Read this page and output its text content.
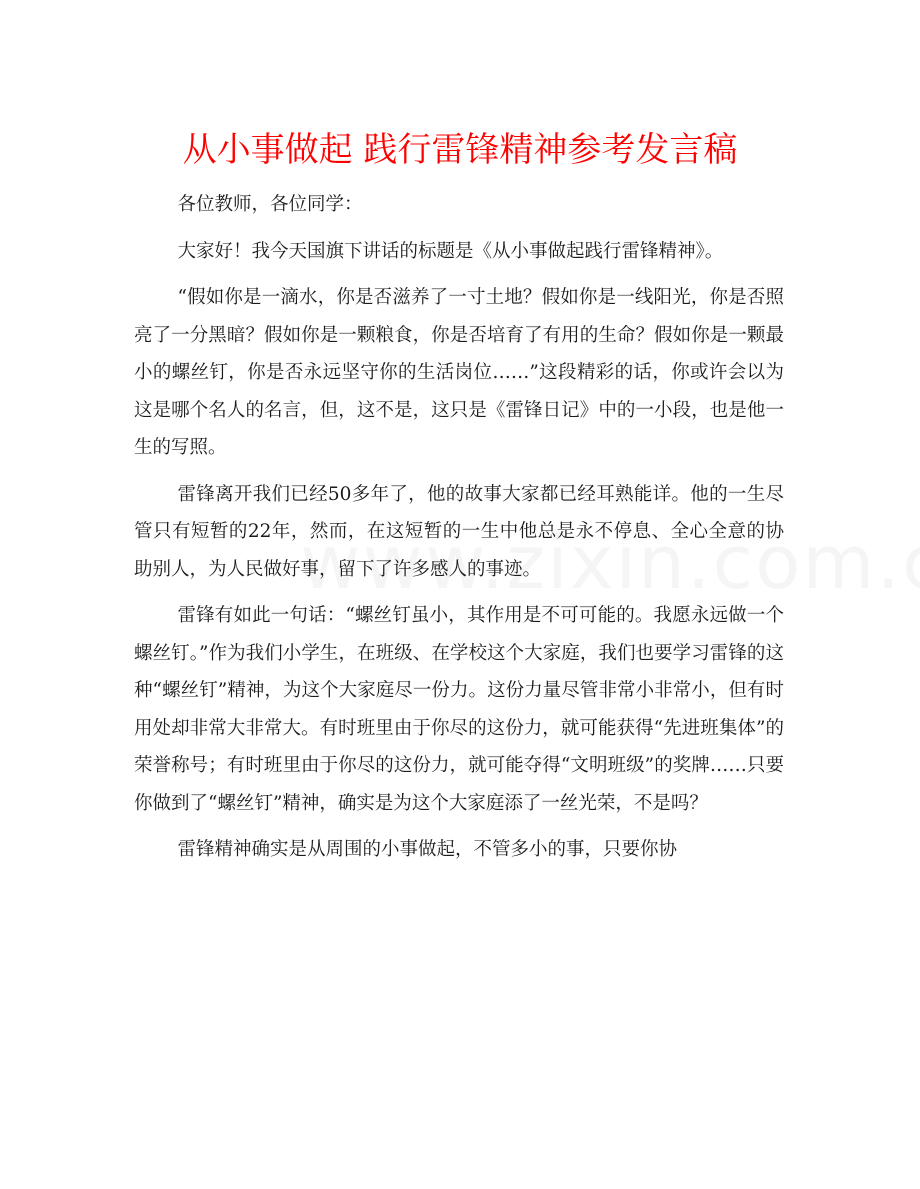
从小事做起 践行雷锋精神参考发言稿

各位教师，各位同学：

大家好！我今天国旗下讲话的标题是《从小事做起践行雷锋精神》。

“假如你是一滴水，你是否滋养了一寸土地？假如你是一线阳光，你是否照亮了一分黑暗？假如你是一颗粮食，你是否培育了有用的生命？假如你是一颗最小的螺丝钉，你是否永远坚守你的生活岗位……”这段精彩的话，你或许会以为这是哪个名人的名言，但，这不是，这只是《雷锋日记》中的一小段，也是他一生的写照。

雷锋离开我们已经50多年了，他的故事大家都已经耳熟能详。他的一生尽管只有短暂的22年，然而，在这短暂的一生中他总是永不停息、全心全意的协助别人，为人民做好事，留下了许多感人的事迹。

雷锋有如此一句话：“螺丝钉虽小，其作用是不可可能的。我愿永远做一个螺丝钉。”作为我们小学生，在班级、在学校这个大家庭，我们也要学习雷锋的这种“螺丝钉”精神，为这个大家庭尽一份力。这份力量尽管非常小非常小，但有时用处却非常大非常大。有时班里由于你尽的这份力，就可能获得“先进班集体”的荣誉称号；有时班里由于你尽的这份力，就可能夺得“文明班级”的奖牌……只要你做到了“螺丝钉”精神，确实是为这个大家庭添了一丝光荣，不是吗？

雷锋精神确实是从周围的小事做起，不管多小的事，只要你协
